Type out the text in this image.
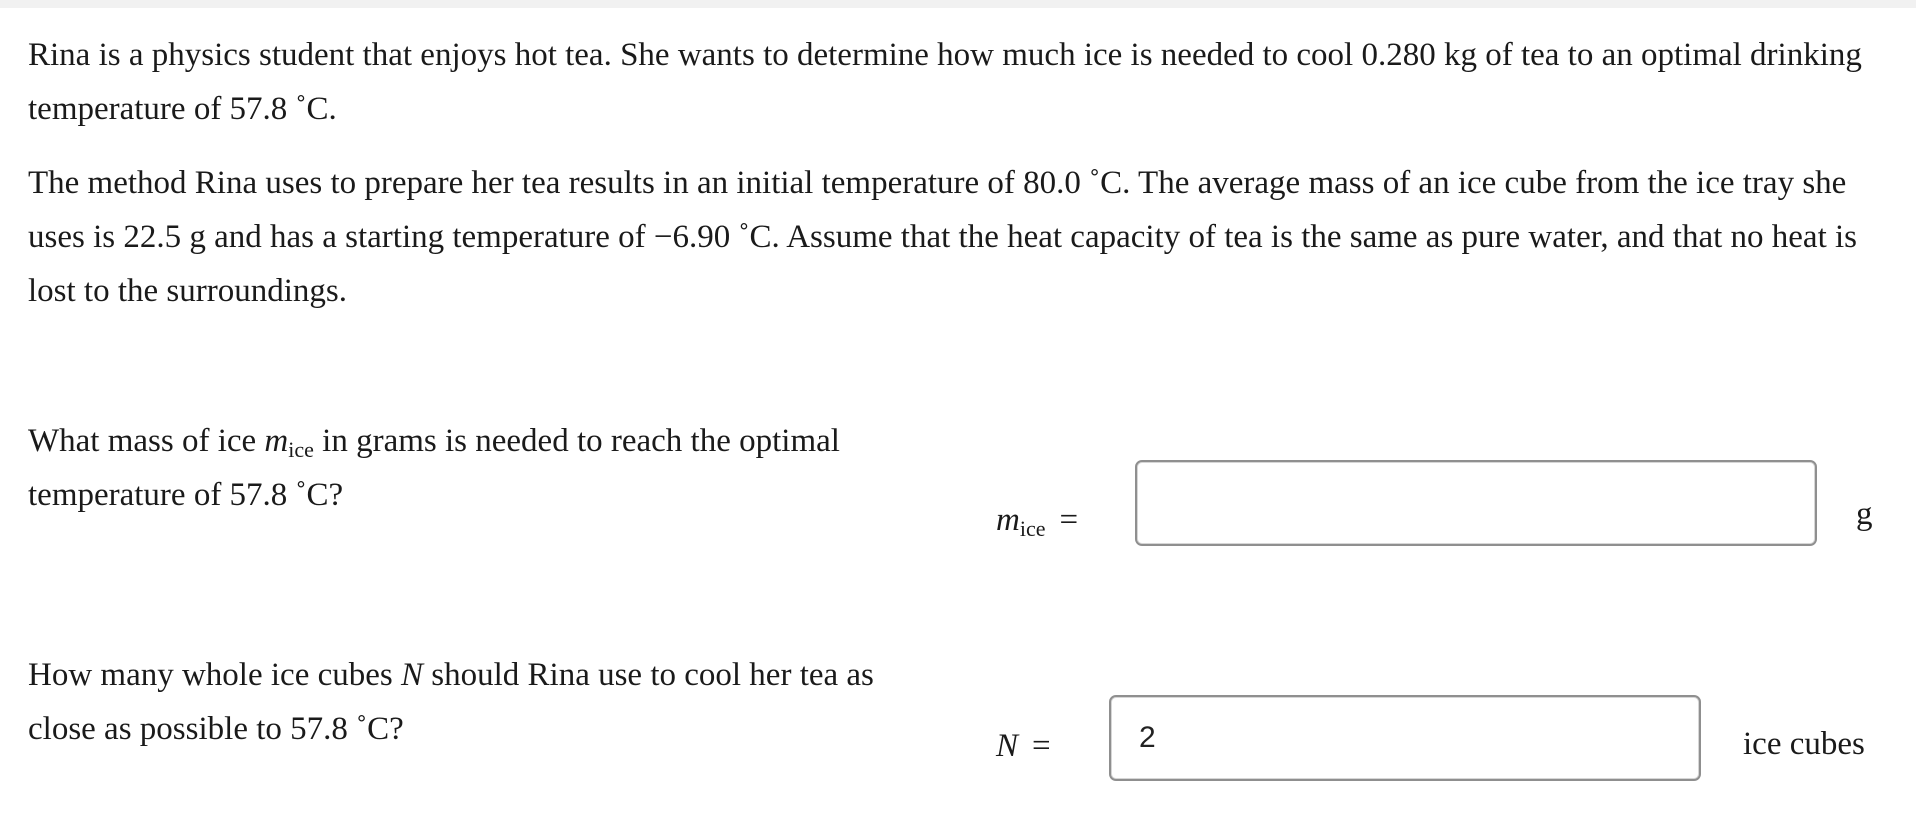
Rina is a physics student that enjoys hot tea. She wants to determine how much ice is needed to cool 0.280 kg of tea to an optimal drinking temperature of 57.8 ˚C.

The method Rina uses to prepare her tea results in an initial temperature of 80.0 ˚C. The average mass of an ice cube from the ice tray she uses is 22.5 g and has a starting temperature of −6.90 ˚C. Assume that the heat capacity of tea is the same as pure water, and that no heat is lost to the surroundings.

What mass of ice $m_{ice}$ in grams is needed to reach the optimal temperature of 57.8 ˚C?

$m_{ice}$ =	g

How many whole ice cubes N should Rina use to cool her tea as close as possible to 57.8 ˚C?	N =
2	ice cubes
